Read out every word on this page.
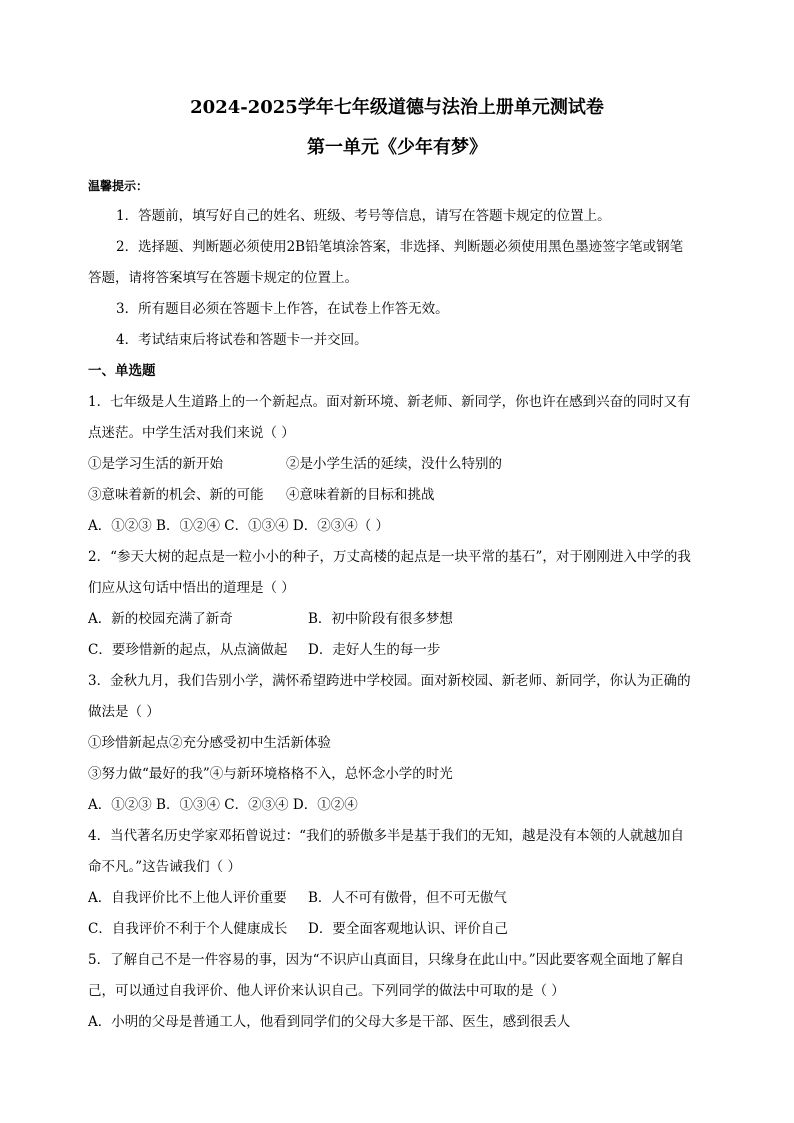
2024-2025学年七年级道德与法治上册单元测试卷
第一单元《少年有梦》
温馨提示：
1．答题前，填写好自己的姓名、班级、考号等信息，请写在答题卡规定的位置上。
2．选择题、判断题必须使用2B铅笔填涂答案，非选择、判断题必须使用黑色墨迹签字笔或钢笔
答题，请将答案填写在答题卡规定的位置上。
3．所有题目必须在答题卡上作答，在试卷上作答无效。
4．考试结束后将试卷和答题卡一并交回。
一、单选题
1．七年级是人生道路上的一个新起点。面对新环境、新老师、新同学，你也许在感到兴奋的同时又有
点迷茫。中学生活对我们来说（ ）
①是学习生活的新开始	②是小学生活的延续，没什么特别的
③意味着新的机会、新的可能 ④意味着新的目标和挑战
A．①②③ B．①②④ C．①③④ D．②③④（ ）
2．“参天大树的起点是一粒小小的种子，万丈高楼的起点是一块平常的基石”，对于刚刚进入中学的我
们应从这句话中悟出的道理是（ ）
A．新的校园充满了新奇	B．初中阶段有很多梦想
C．要珍惜新的起点，从点滴做起 D．走好人生的每一步
3．金秋九月，我们告别小学，满怀希望跨进中学校园。面对新校园、新老师、新同学，你认为正确的
做法是（ ）
①珍惜新起点②充分感受初中生活新体验
③努力做“最好的我”④与新环境格格不入，总怀念小学的时光
A．①②③ B．①③④ C．②③④ D．①②④
4．当代著名历史学家邓拓曾说过：“我们的骄傲多半是基于我们的无知，越是没有本领的人就越加自
命不凡。”这告诫我们（ ）
A．自我评价比不上他人评价重要 B．人不可有傲骨，但不可无傲气
C．自我评价不利于个人健康成长 D．要全面客观地认识、评价自己
5．了解自己不是一件容易的事，因为“不识庐山真面目，只缘身在此山中。”因此要客观全面地了解自
己，可以通过自我评价、他人评价来认识自己。下列同学的做法中可取的是（ ）
A．小明的父母是普通工人，他看到同学们的父母大多是干部、医生，感到很丢人
